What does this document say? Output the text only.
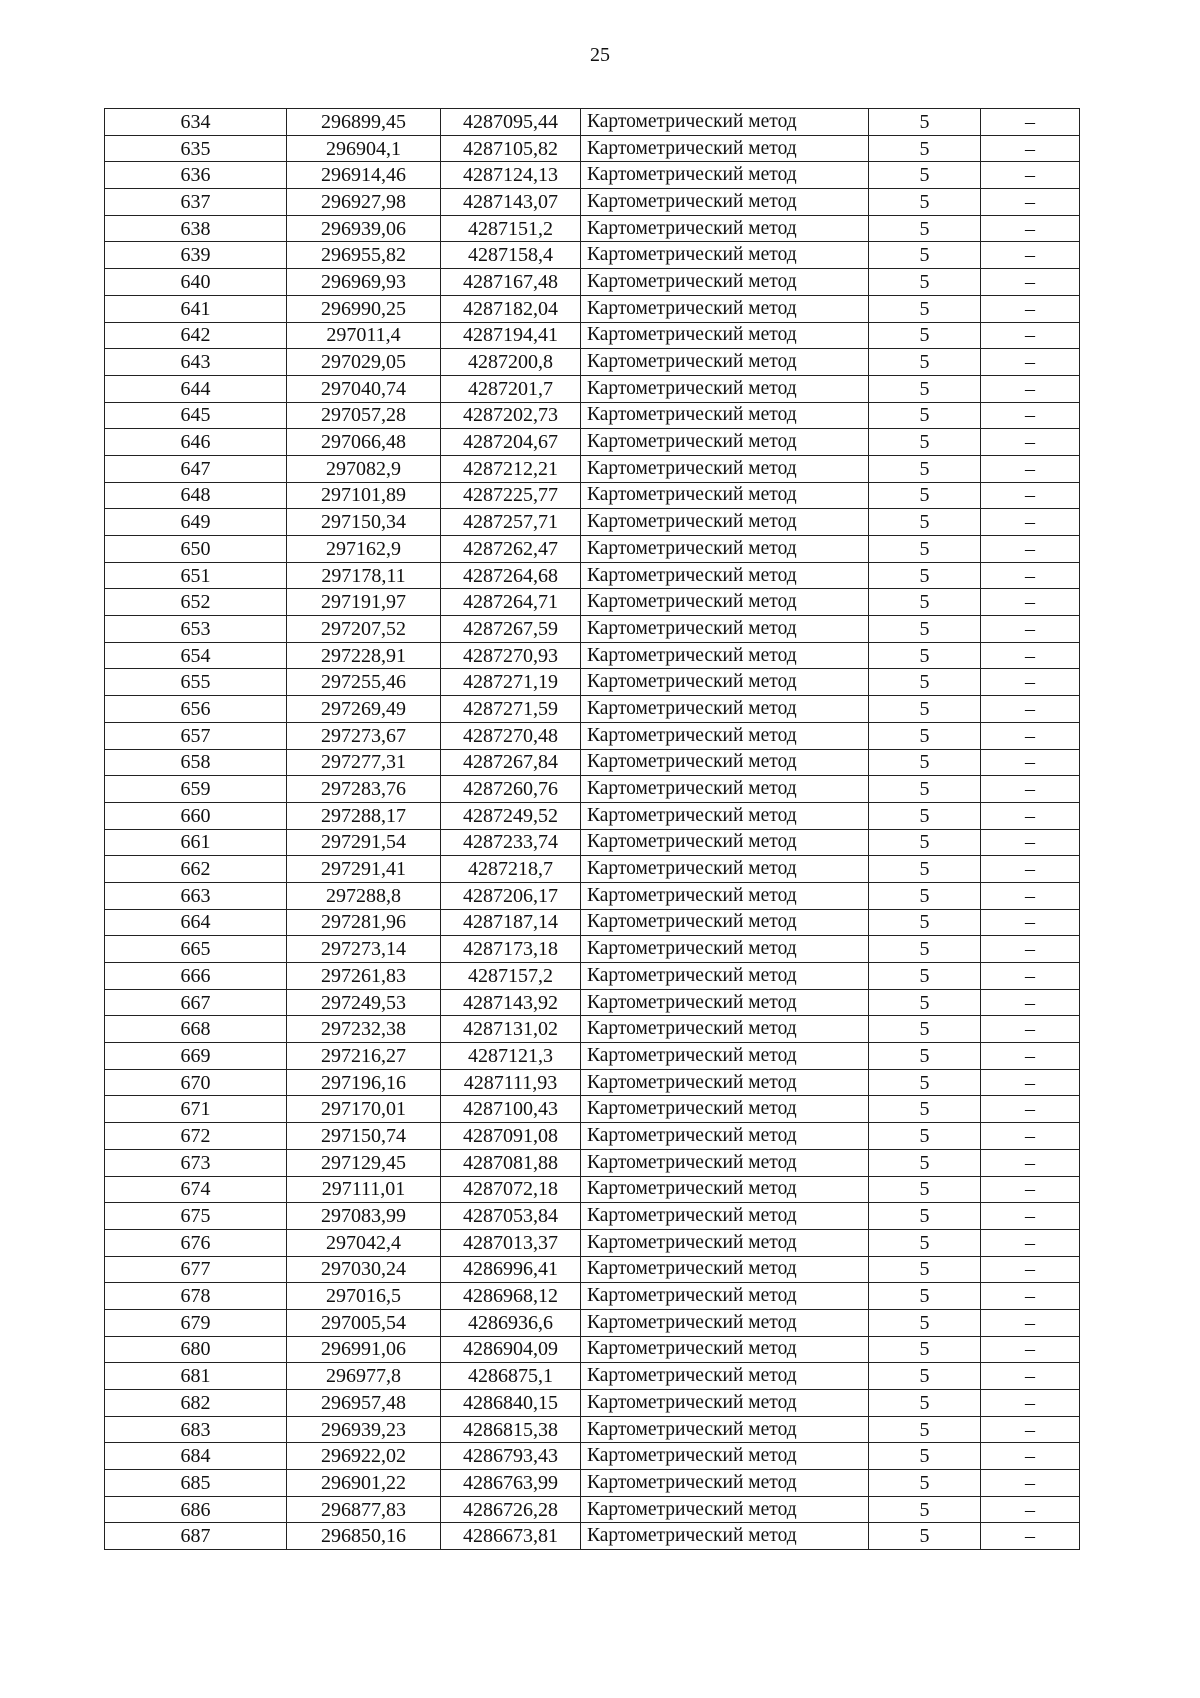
25
634	296899,45	4287095,44	Картометрический метод	5	–
635	296904,1	4287105,82	Картометрический метод	5	–
636	296914,46	4287124,13	Картометрический метод	5	–
637	296927,98	4287143,07	Картометрический метод	5	–
638	296939,06	4287151,2	Картометрический метод	5	–
639	296955,82	4287158,4	Картометрический метод	5	–
640	296969,93	4287167,48	Картометрический метод	5	–
641	296990,25	4287182,04	Картометрический метод	5	–
642	297011,4	4287194,41	Картометрический метод	5	–
643	297029,05	4287200,8	Картометрический метод	5	–
644	297040,74	4287201,7	Картометрический метод	5	–
645	297057,28	4287202,73	Картометрический метод	5	–
646	297066,48	4287204,67	Картометрический метод	5	–
647	297082,9	4287212,21	Картометрический метод	5	–
648	297101,89	4287225,77	Картометрический метод	5	–
649	297150,34	4287257,71	Картометрический метод	5	–
650	297162,9	4287262,47	Картометрический метод	5	–
651	297178,11	4287264,68	Картометрический метод	5	–
652	297191,97	4287264,71	Картометрический метод	5	–
653	297207,52	4287267,59	Картометрический метод	5	–
654	297228,91	4287270,93	Картометрический метод	5	–
655	297255,46	4287271,19	Картометрический метод	5	–
656	297269,49	4287271,59	Картометрический метод	5	–
657	297273,67	4287270,48	Картометрический метод	5	–
658	297277,31	4287267,84	Картометрический метод	5	–
659	297283,76	4287260,76	Картометрический метод	5	–
660	297288,17	4287249,52	Картометрический метод	5	–
661	297291,54	4287233,74	Картометрический метод	5	–
662	297291,41	4287218,7	Картометрический метод	5	–
663	297288,8	4287206,17	Картометрический метод	5	–
664	297281,96	4287187,14	Картометрический метод	5	–
665	297273,14	4287173,18	Картометрический метод	5	–
666	297261,83	4287157,2	Картометрический метод	5	–
667	297249,53	4287143,92	Картометрический метод	5	–
668	297232,38	4287131,02	Картометрический метод	5	–
669	297216,27	4287121,3	Картометрический метод	5	–
670	297196,16	4287111,93	Картометрический метод	5	–
671	297170,01	4287100,43	Картометрический метод	5	–
672	297150,74	4287091,08	Картометрический метод	5	–
673	297129,45	4287081,88	Картометрический метод	5	–
674	297111,01	4287072,18	Картометрический метод	5	–
675	297083,99	4287053,84	Картометрический метод	5	–
676	297042,4	4287013,37	Картометрический метод	5	–
677	297030,24	4286996,41	Картометрический метод	5	–
678	297016,5	4286968,12	Картометрический метод	5	–
679	297005,54	4286936,6	Картометрический метод	5	–
680	296991,06	4286904,09	Картометрический метод	5	–
681	296977,8	4286875,1	Картометрический метод	5	–
682	296957,48	4286840,15	Картометрический метод	5	–
683	296939,23	4286815,38	Картометрический метод	5	–
684	296922,02	4286793,43	Картометрический метод	5	–
685	296901,22	4286763,99	Картометрический метод	5	–
686	296877,83	4286726,28	Картометрический метод	5	–
687	296850,16	4286673,81	Картометрический метод	5	–
